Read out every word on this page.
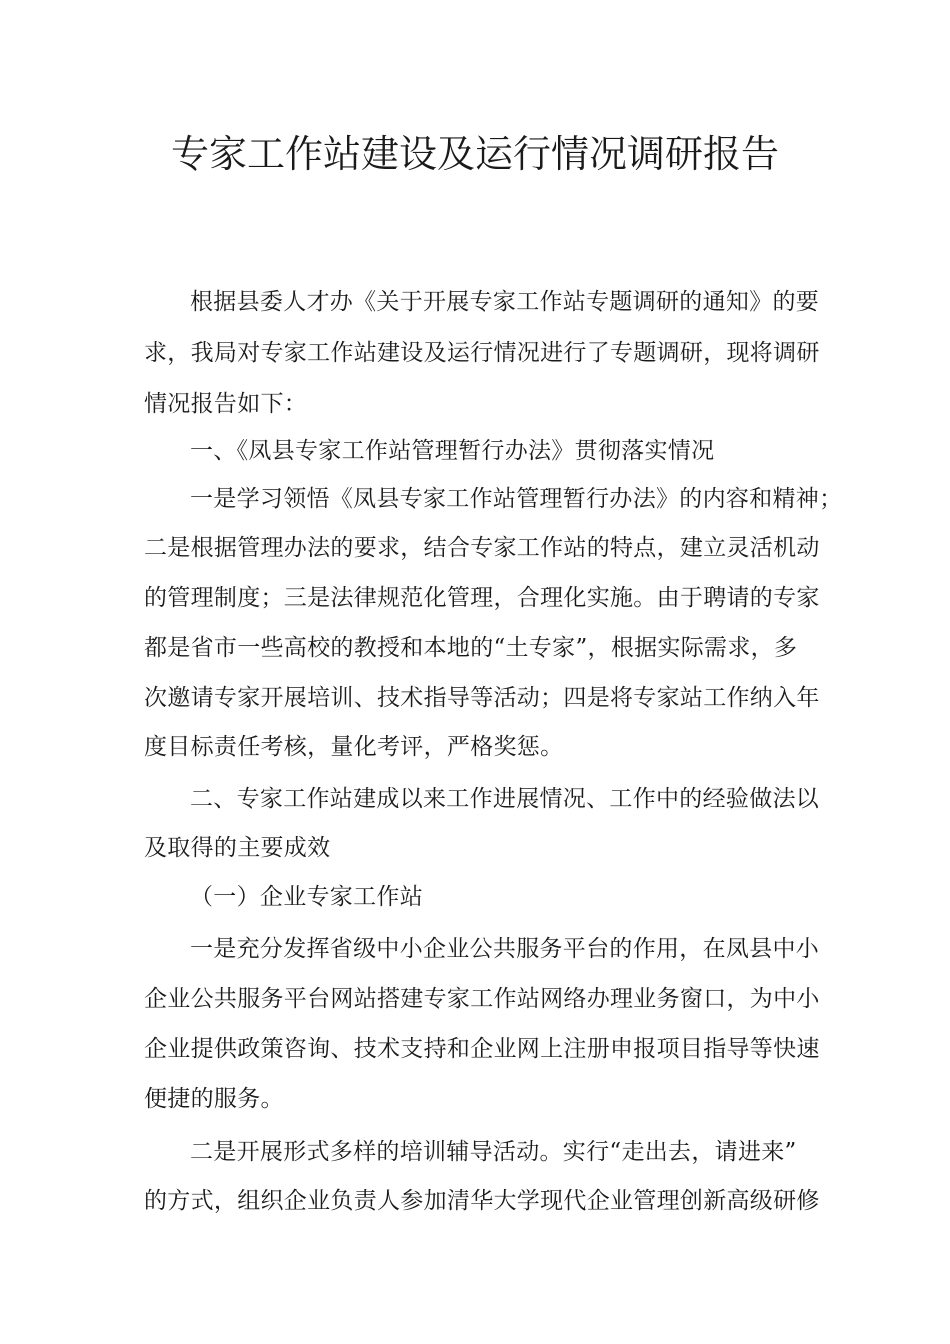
专家工作站建设及运行情况调研报告
根据县委人才办《关于开展专家工作站专题调研的通知》的要
求，我局对专家工作站建设及运行情况进行了专题调研，现将调研
情况报告如下：
一、《凤县专家工作站管理暂行办法》贯彻落实情况
一是学习领悟《凤县专家工作站管理暂行办法》的内容和精神；
二是根据管理办法的要求，结合专家工作站的特点，建立灵活机动
的管理制度；三是法律规范化管理，合理化实施。由于聘请的专家
都是省市一些高校的教授和本地的“土专家”，根据实际需求，多
次邀请专家开展培训、技术指导等活动；四是将专家站工作纳入年
度目标责任考核，量化考评，严格奖惩。
二、专家工作站建成以来工作进展情况、工作中的经验做法以
及取得的主要成效
（一）企业专家工作站
一是充分发挥省级中小企业公共服务平台的作用，在凤县中小
企业公共服务平台网站搭建专家工作站网络办理业务窗口，为中小
企业提供政策咨询、技术支持和企业网上注册申报项目指导等快速
便捷的服务。
二是开展形式多样的培训辅导活动。实行“走出去，请进来”
的方式，组织企业负责人参加清华大学现代企业管理创新高级研修
